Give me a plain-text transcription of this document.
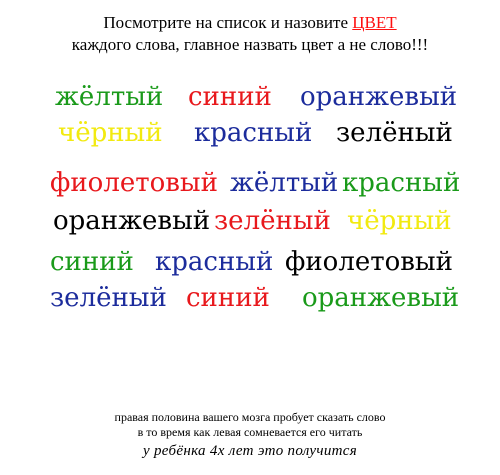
Посмотрите на список и назовите ЦВЕТ
каждого слова, главное назвать цвет а не слово!!!
жёлтый синий оранжевый
чёрный красный зелёный
фиолетовый жёлтый красный
оранжевый зелёный чёрный
синий красный фиолетовый
зелёный синий оранжевый
правая половина вашего мозга пробует сказать слово
в то время как левая сомневается его читать
у ребёнка 4х лет это получится
